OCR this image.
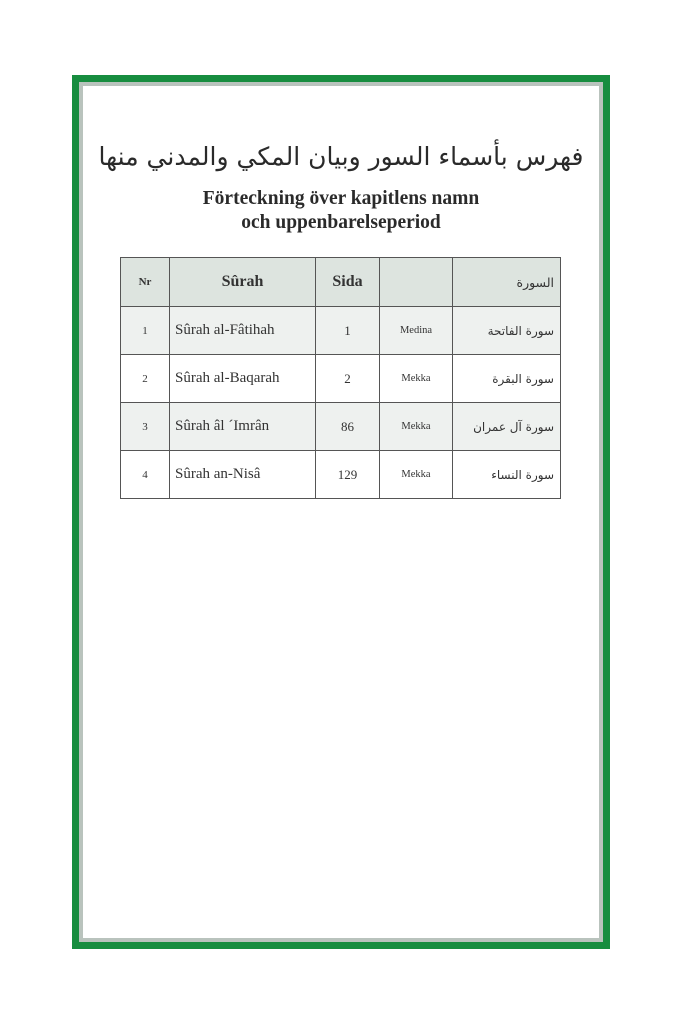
فهرس بأسماء السور وبيان المكي والمدني منها
Förteckning över kapitlens namn
och uppenbarelseperiod
Nr	Sûrah	Sida		السورة
1	Sûrah al-Fâtihah	1	Medina	سورة الفاتحة
2	Sûrah al-Baqarah	2	Mekka	سورة البقرة
3	Sûrah âl ´Imrân	86	Mekka	سورة آل عمران
4	Sûrah an-Nisâ	129	Mekka	سورة النساء
